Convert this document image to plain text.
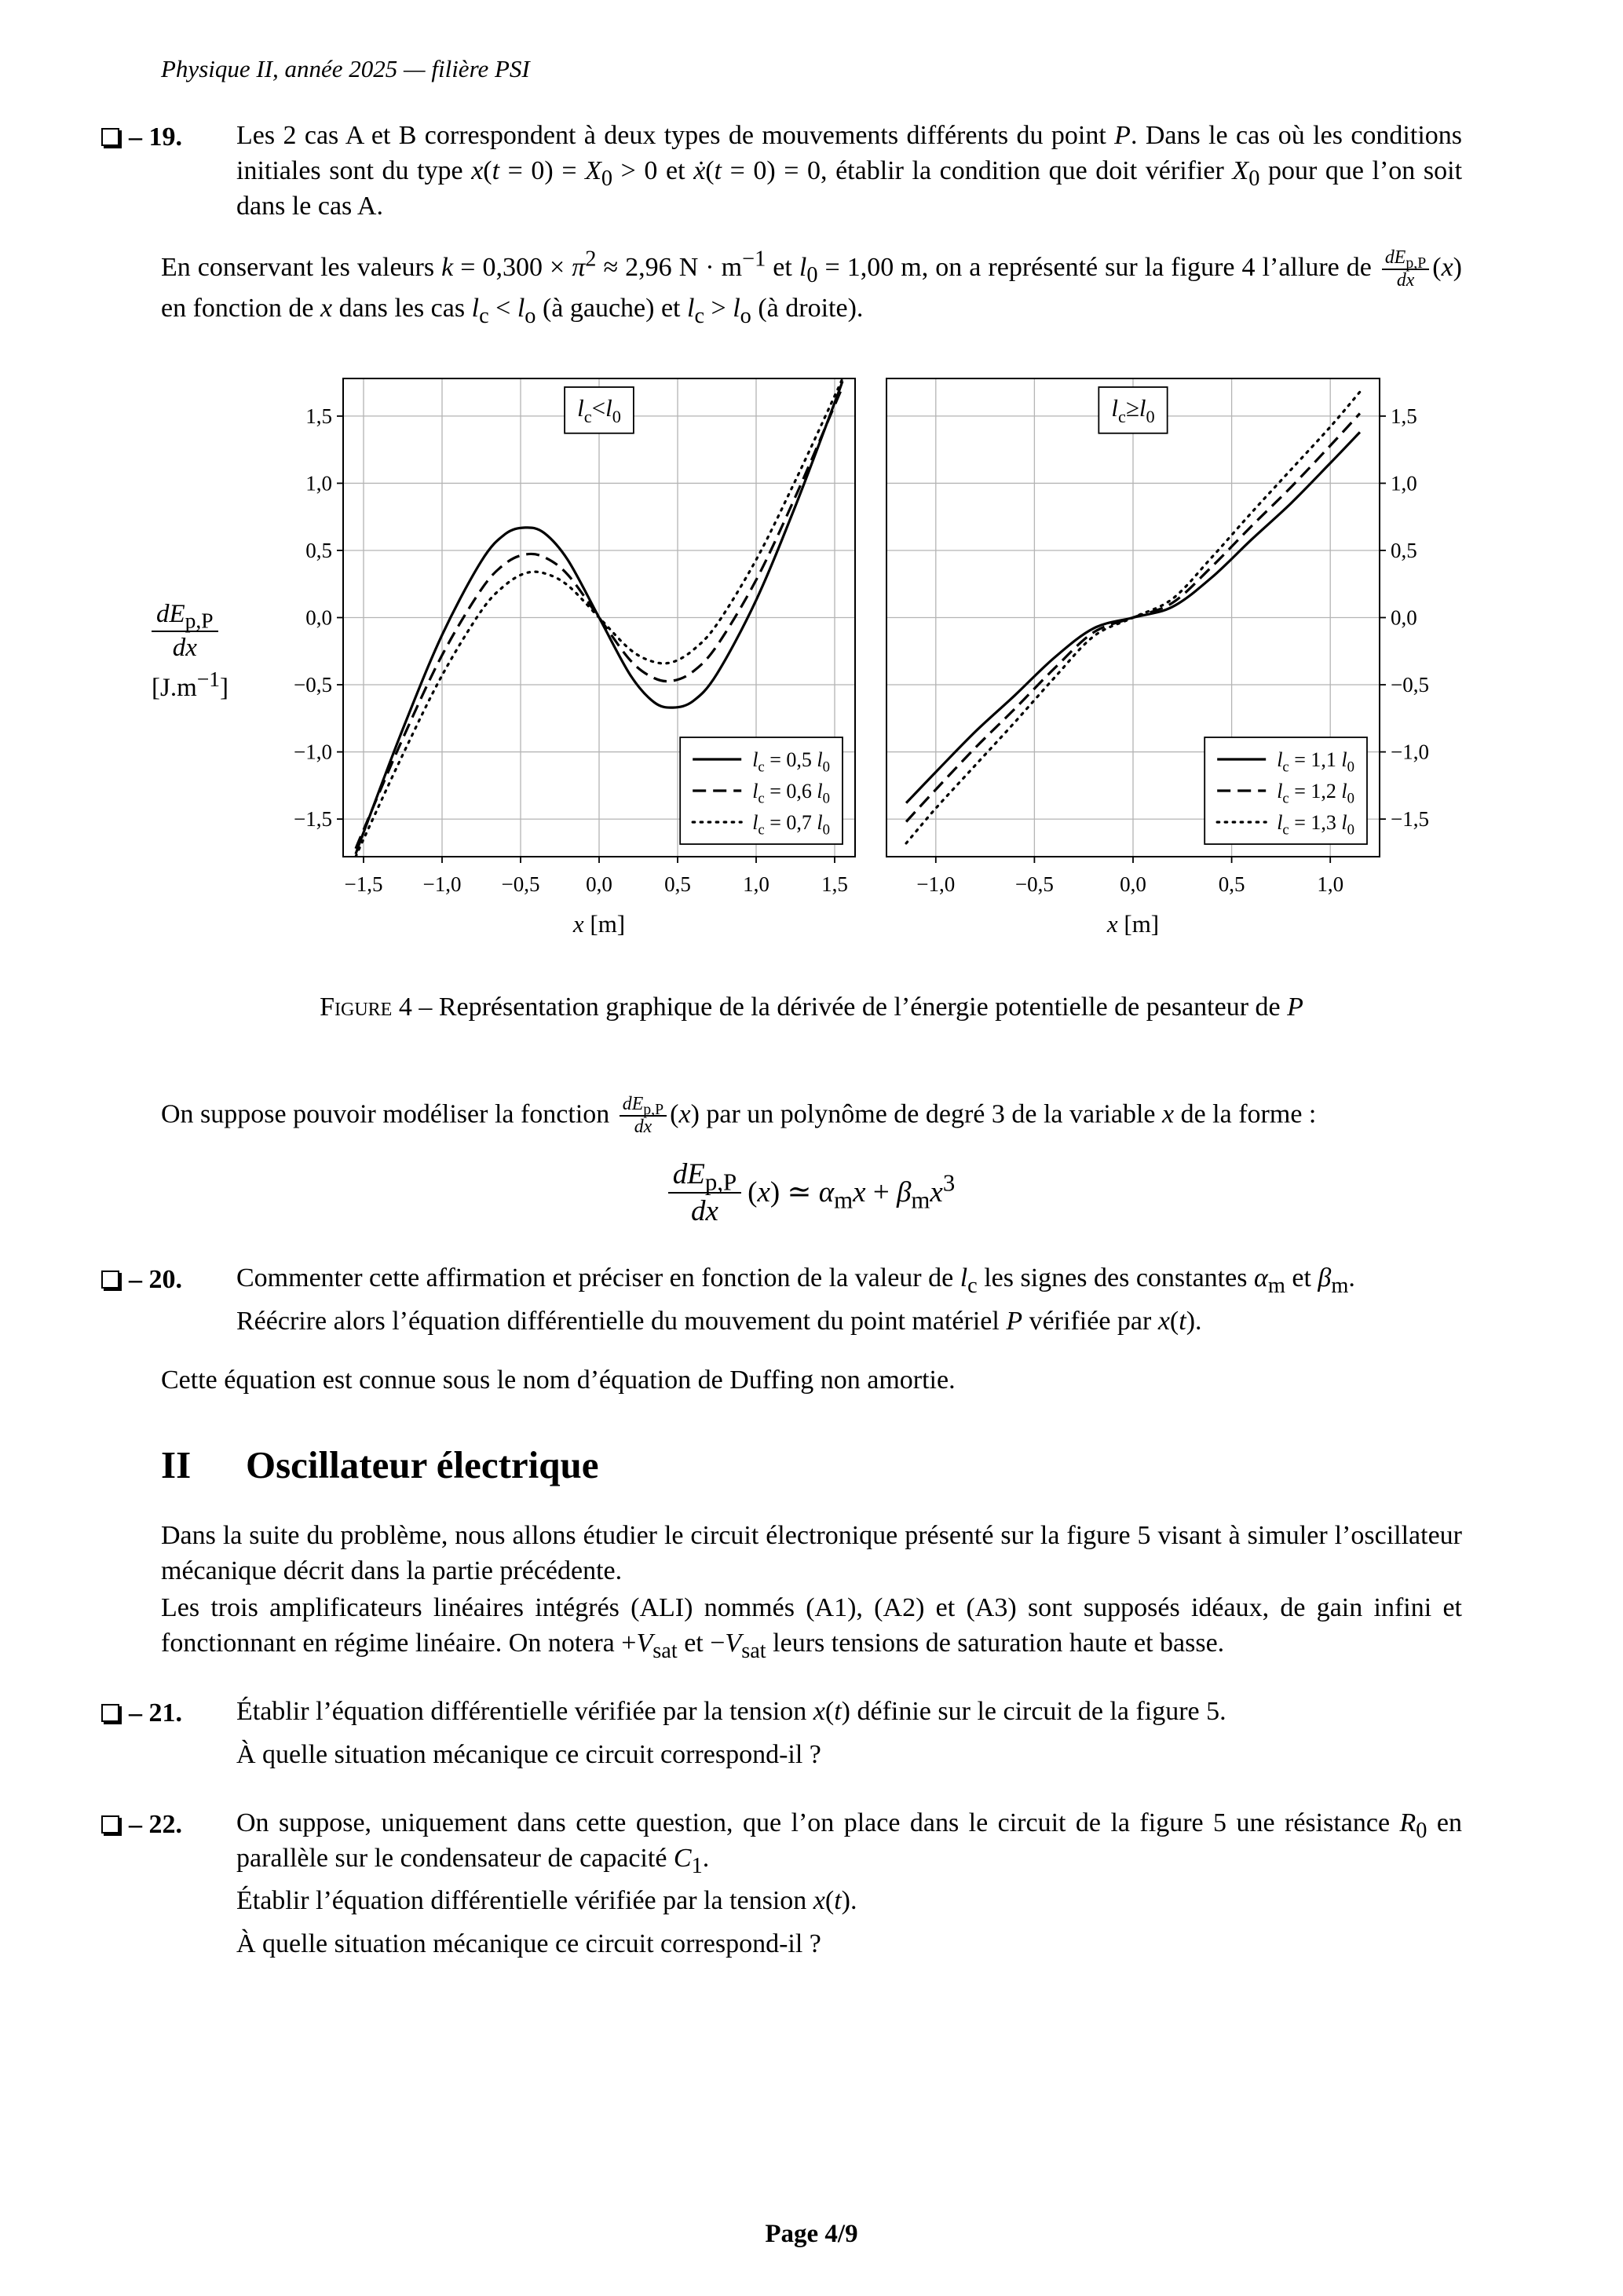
Physique II, année 2025 — filière PSI
– 19.	Les 2 cas A et B correspondent à deux types de mouvements différents du point P. Dans le cas où les conditions initiales sont du type $x(t = 0) = X_0 > 0$ et ẋ(t = 0) = 0, établir la condition que doit vérifier $X_0$ pour que l’on soit dans le cas A.

En conservant les valeurs $k = 0,300 \times \pi^2 \approx 2,96$ $N \cdot m^{-1}$ et $l_0 = 1,00$ m, on a représenté sur la figure 4 l’allure de $\frac{dE_{p,P}}{dx} (x)$ en fonction de x dans les cas $l_c < l_o$ (à gauche) et $l_c > l_o$ (à droite).

$\frac{dE_{p,P}}{dx}$
$[J.m^{-1}]$
−1,5 −1,0 −0,5 0,0 0,5 1,0 1,5
1,5
1,0
0,5
0,0
−0,5
−1,0
−1,5
x [m]
$l_c<l_0$
$l_c = 0,5$ $l_0$
$l_c = 0,6$ $l_0$
$l_c = 0,7$ $l_0$
−1,0	−0,5	0,0	0,5	1,0
1,5
1,0
0,5
0,0
−0,5
−1,0
−1,5
x [m]
$l_c\ge l_0$
$l_c = 1,1$ $l_0$
$l_c = 1,2$ $l_0$
$l_c = 1,3$ $l_0$
Figure 4 – Représentation graphique de la dérivée de l’énergie potentielle de pesanteur de P

On suppose pouvoir modéliser la fonction $\frac{dE_{p,P}}{dx} (x)$ par un polynôme de degré 3 de la variable x de la forme :

$\frac{dE_{p,P}}{dx} (x)$ ≃ $\alpha_mx + \beta_mx^3$
– 20.	Commenter cette affirmation et préciser en fonction de la valeur de $l_c$ les signes des constantes $\alpha_m$ et $\beta_m$.

Réécrire alors l’équation différentielle du mouvement du point matériel P vérifiée par x(t).

Cette équation est connue sous le nom d’équation de Duffing non amortie.

II	Oscillateur électrique

Dans la suite du problème, nous allons étudier le circuit électronique présenté sur la figure 5 visant à simuler l’oscillateur mécanique décrit dans la partie précédente.

Les trois amplificateurs linéaires intégrés (ALI) nommés (A1), (A2) et (A3) sont supposés idéaux, de gain infini et fonctionnant en régime linéaire. On notera $+V_{sat}$ et $-V_{sat}$ leurs tensions de saturation haute et basse.

– 21.	Établir l’équation différentielle vérifiée par la tension x(t) définie sur le circuit de la figure 5.

À quelle situation mécanique ce circuit correspond-il ?

– 22.	On suppose, uniquement dans cette question, que l’on place dans le circuit de la figure 5 une résistance $R_0$ en parallèle sur le condensateur de capacité $C_1$.

Établir l’équation différentielle vérifiée par la tension x(t).

À quelle situation mécanique ce circuit correspond-il ?

Page 4/9
